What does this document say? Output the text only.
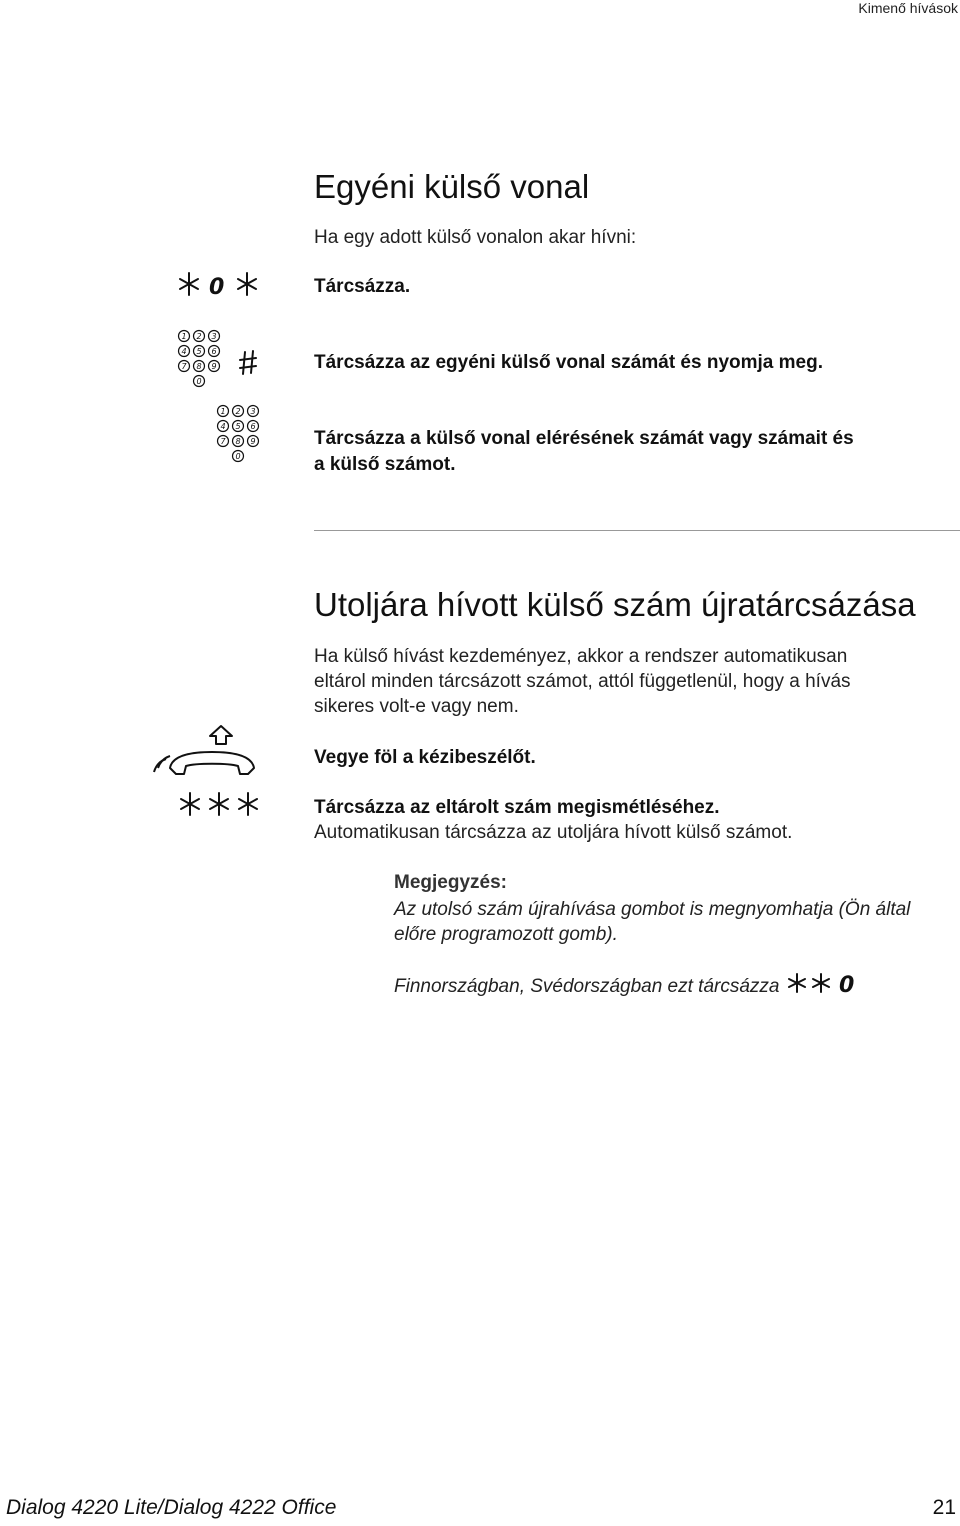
Kimenő hívások
Egyéni külső vonal
Ha egy adott külső vonalon akar hívni:
0	Tárcsázza.
1 2 3
4 5 6
7 8 9
0
Tárcsázza az egyéni külső vonal számát és nyomja meg.
1 2 3
4 5 6
7 8 9
0
Tárcsázza a külső vonal elérésének számát vagy számait és
a külső számot.
Utoljára hívott külső szám újratárcsázása
Ha külső hívást kezdeményez, akkor a rendszer automatikusan
eltárol minden tárcsázott számot, attól függetlenül, hogy a hívás
sikeres volt-e vagy nem.
Vegye föl a kézibeszélőt.
Tárcsázza az eltárolt szám megismétléséhez.
Automatikusan tárcsázza az utoljára hívott külső számot.
Megjegyzés:
Az utolsó szám újrahívása gombot is megnyomhatja (Ön által
előre programozott gomb).
Finnországban, Svédországban ezt tárcsázza	0
Dialog 4220 Lite/Dialog 4222 Office	21
